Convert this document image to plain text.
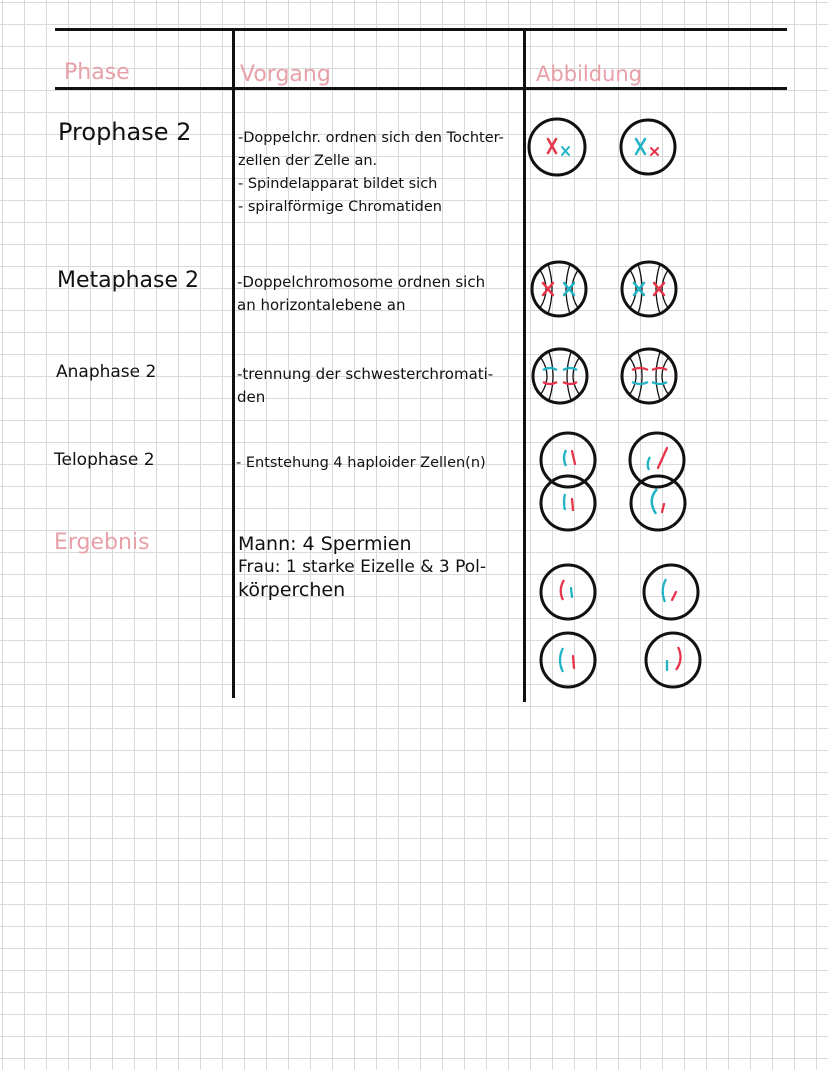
Phase	Vorgang	Abbildung
Prophase 2
Metaphase 2
Anaphase 2
Telophase 2
Ergebnis
-Doppelchr. ordnen sich den Tochter-
zellen der Zelle an.
- Spindelapparat bildet sich
- spiralförmige Chromatiden
-Doppelchromosome ordnen sich
an horizontalebene an
-trennung der schwesterchromati-
den
- Entstehung 4 haploider Zellen(n)
Mann: 4 Spermien
Frau: 1 starke Eizelle & 3 Pol-
körperchen
